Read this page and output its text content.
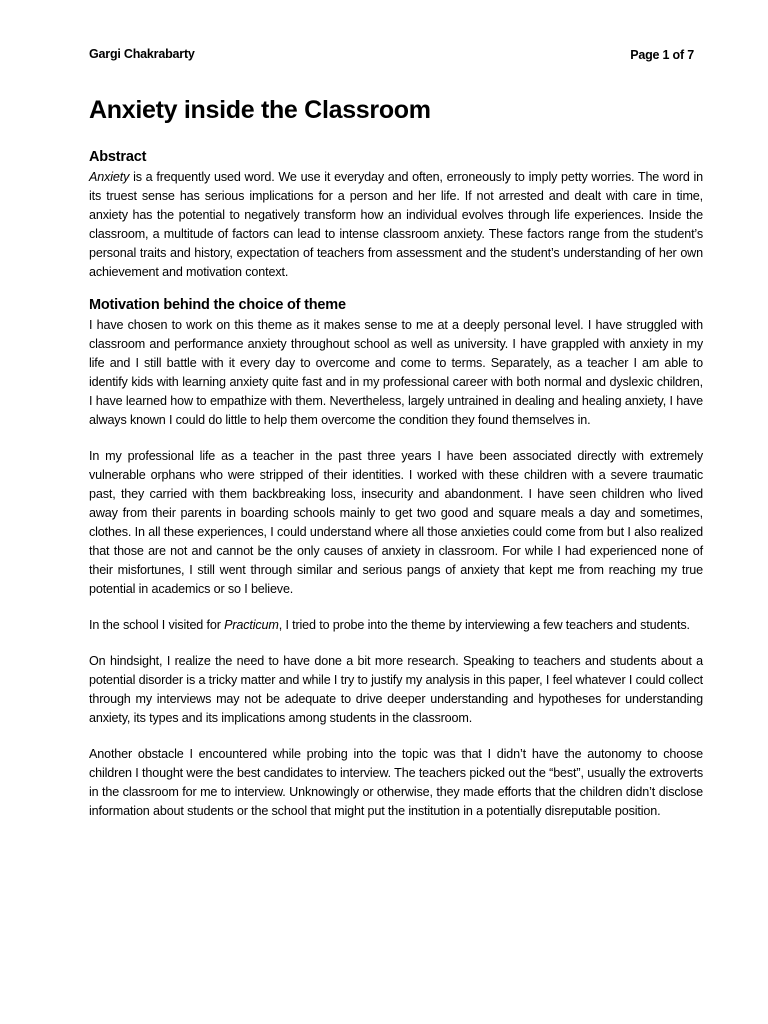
Gargi Chakrabarty	Page 1 of 7
Anxiety inside the Classroom
Abstract

Anxiety is a frequently used word. We use it everyday and often, erroneously to imply petty worries. The word in its truest sense has serious implications for a person and her life. If not arrested and dealt with care in time, anxiety has the potential to negatively transform how an individual evolves through life experiences. Inside the classroom, a multitude of factors can lead to intense classroom anxiety. These factors range from the student’s personal traits and history, expectation of teachers from assessment and the student’s understanding of her own achievement and motivation context.

Motivation behind the choice of theme

I have chosen to work on this theme as it makes sense to me at a deeply personal level. I have struggled with classroom and performance anxiety throughout school as well as university. I have grappled with anxiety in my life and I still battle with it every day to overcome and come to terms. Separately, as a teacher I am able to identify kids with learning anxiety quite fast and in my professional career with both normal and dyslexic children, I have learned how to empathize with them. Nevertheless, largely untrained in dealing and healing anxiety, I have always known I could do little to help them overcome the condition they found themselves in.

In my professional life as a teacher in the past three years I have been associated directly with extremely vulnerable orphans who were stripped of their identities. I worked with these children with a severe traumatic past, they carried with them backbreaking loss, insecurity and abandonment. I have seen children who lived away from their parents in boarding schools mainly to get two good and square meals a day and sometimes, clothes. In all these experiences, I could understand where all those anxieties could come from but I also realized that those are not and cannot be the only causes of anxiety in classroom. For while I had experienced none of their misfortunes, I still went through similar and serious pangs of anxiety that kept me from reaching my true potential in academics or so I believe.

In the school I visited for Practicum, I tried to probe into the theme by interviewing a few teachers and students.

On hindsight, I realize the need to have done a bit more research. Speaking to teachers and students about a potential disorder is a tricky matter and while I try to justify my analysis in this paper, I feel whatever I could collect through my interviews may not be adequate to drive deeper understanding and hypotheses for understanding anxiety, its types and its implications among students in the classroom.

Another obstacle I encountered while probing into the topic was that I didn’t have the autonomy to choose children I thought were the best candidates to interview. The teachers picked out the “best”, usually the extroverts in the classroom for me to interview. Unknowingly or otherwise, they made efforts that the children didn’t disclose information about students or the school that might put the institution in a potentially disreputable position.
